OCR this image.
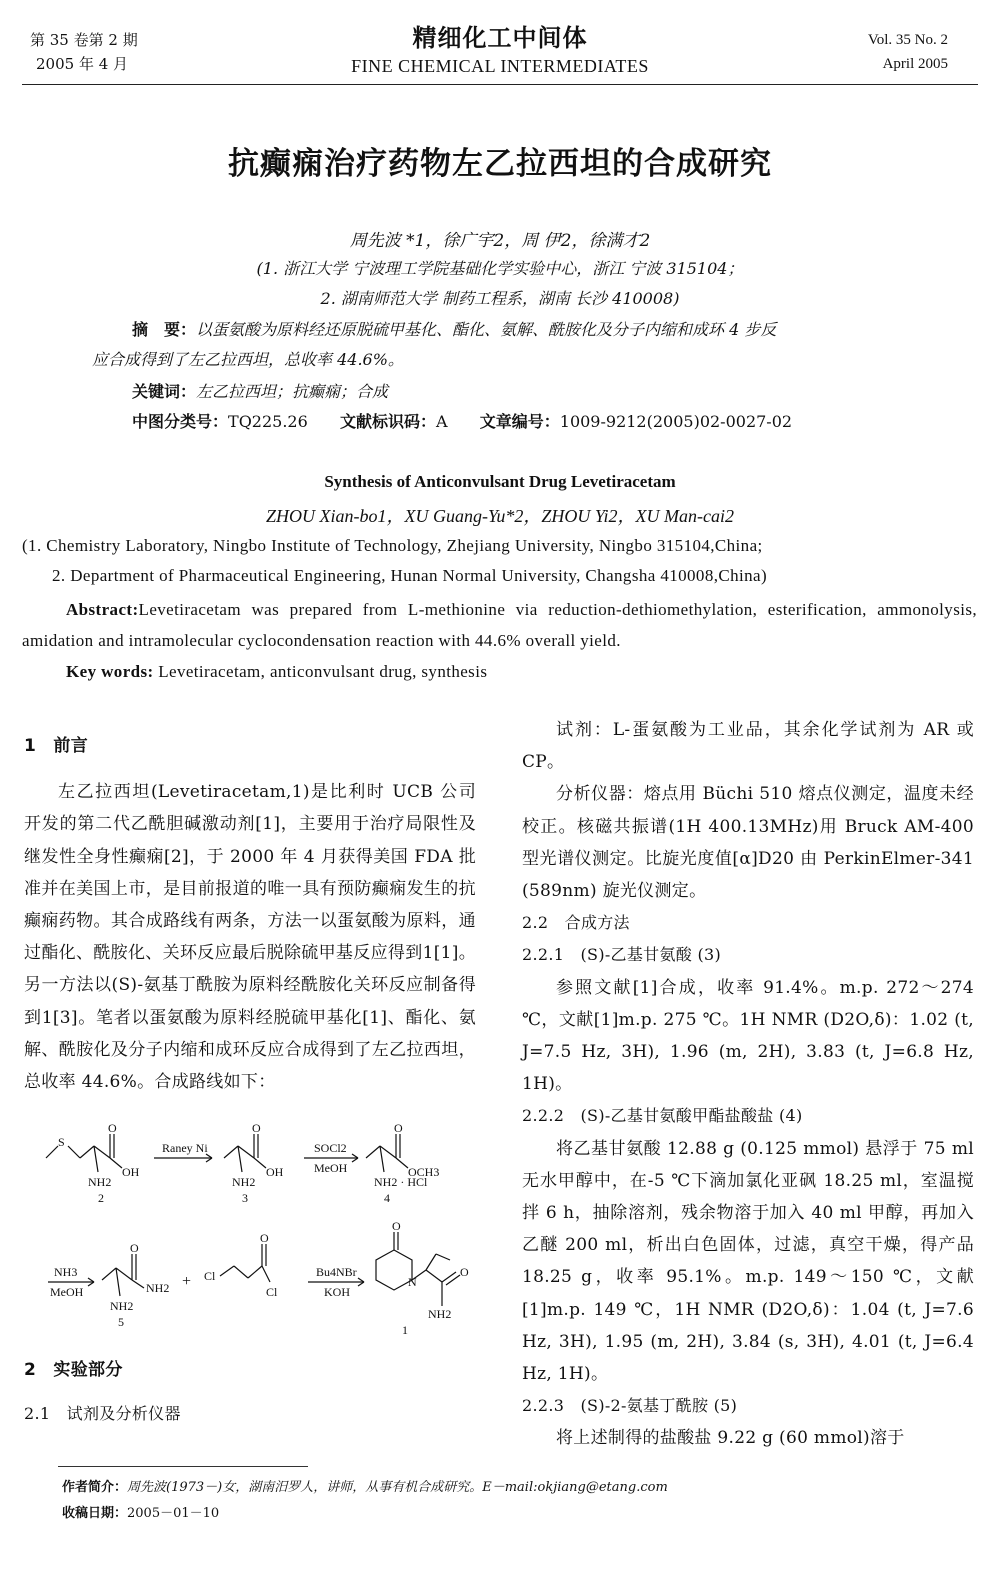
第 35 卷第 2 期
2005 年 4 月
精细化工中间体
FINE CHEMICAL INTERMEDIATES
Vol. 35 No. 2
April 2005
抗癫痫治疗药物左乙拉西坦的合成研究
周先波 *1，徐广宇2，周 伊2，徐满才2
(1. 浙江大学 宁波理工学院基础化学实验中心，浙江 宁波 315104；
2. 湖南师范大学 制药工程系，湖南 长沙 410008)
摘　要：以蛋氨酸为原料经还原脱硫甲基化、酯化、氨解、酰胺化及分子内缩和成环 4 步反
应合成得到了左乙拉西坦，总收率 44.6%。
关键词：左乙拉西坦；抗癫痫；合成
中图分类号：TQ225.26 文献标识码：A 文章编号：1009-9212(2005)02-0027-02
Synthesis of Anticonvulsant Drug Levetiracetam
ZHOU Xian-bo1，XU Guang-Yu*2，ZHOU Yi2，XU Man-cai2
(1. Chemistry Laboratory, Ningbo Institute of Technology, Zhejiang University, Ningbo 315104,China;
2. Department of Pharmaceutical Engineering, Hunan Normal University, Changsha 410008,China)
Abstract:Levetiracetam was prepared from L-methionine via reduction-dethiomethylation, esterification, ammonolysis, amidation and intramolecular cyclocondensation reaction with 44.6% overall yield.
Key words: Levetiracetam, anticonvulsant drug, synthesis

1　前言

左乙拉西坦(Levetiracetam,1)是比利时 UCB 公司开发的第二代乙酰胆碱激动剂[1]，主要用于治疗局限性及继发性全身性癫痫[2]，于 2000 年 4 月获得美国 FDA 批准并在美国上市，是目前报道的唯一具有预防癫痫发生的抗癫痫药物。其合成路线有两条，方法一以蛋氨酸为原料，通过酯化、酰胺化、关环反应最后脱除硫甲基反应得到1[1]。另一方法以(S)-氨基丁酰胺为原料经酰胺化关环反应制备得到1[3]。笔者以蛋氨酸为原料经脱硫甲基化[1]、酯化、氨解、酰胺化及分子内缩和成环反应合成得到了左乙拉西坦，总收率 44.6%。合成路线如下：

S
O
OH
NH2
2
Raney Ni
O
OH
NH2
3
SOCl2
MeOH
O
OCH3
NH2 · HCl
4
NH3
MeOH
O
NH2
NH2
5
+ Cl
O
Cl
Bu4NBr
KOH
O
N
O
NH2
1

2　实验部分

2.1　试剂及分析仪器

试剂：L-蛋氨酸为工业品，其余化学试剂为 AR 或 CP。

分析仪器：熔点用 Büchi 510 熔点仪测定，温度未经校正。核磁共振谱(1H 400.13MHz)用 Bruck AM-400 型光谱仪测定。比旋光度值[α]D20 由 PerkinElmer-341 (589nm) 旋光仪测定。

2.2　合成方法

2.2.1　(S)-乙基甘氨酸 (3)

参照文献[1]合成，收率 91.4%。m.p. 272～274 ℃，文献[1]m.p. 275 ℃。1H NMR (D2O,δ)：1.02 (t, J=7.5 Hz, 3H), 1.96 (m, 2H), 3.83 (t, J=6.8 Hz, 1H)。

2.2.2　(S)-乙基甘氨酸甲酯盐酸盐 (4)

将乙基甘氨酸 12.88 g (0.125 mmol) 悬浮于 75 ml 无水甲醇中，在-5 ℃下滴加氯化亚砜 18.25 ml，室温搅拌 6 h，抽除溶剂，残余物溶于加入 40 ml 甲醇，再加入乙醚 200 ml，析出白色固体，过滤，真空干燥，得产品 18.25 g，收率 95.1%。m.p. 149～150 ℃，文献[1]m.p. 149 ℃，1H NMR (D2O,δ)：1.04 (t, J=7.6 Hz, 3H), 1.95 (m, 2H), 3.84 (s, 3H), 4.01 (t, J=6.4 Hz, 1H)。

2.2.3　(S)-2-氨基丁酰胺 (5)

将上述制得的盐酸盐 9.22 g (60 mmol)溶于

作者简介：周先波(1973－)女，湖南汨罗人，讲师，从事有机合成研究。E－mail:okjiang@etang.com
收稿日期：2005－01－10
